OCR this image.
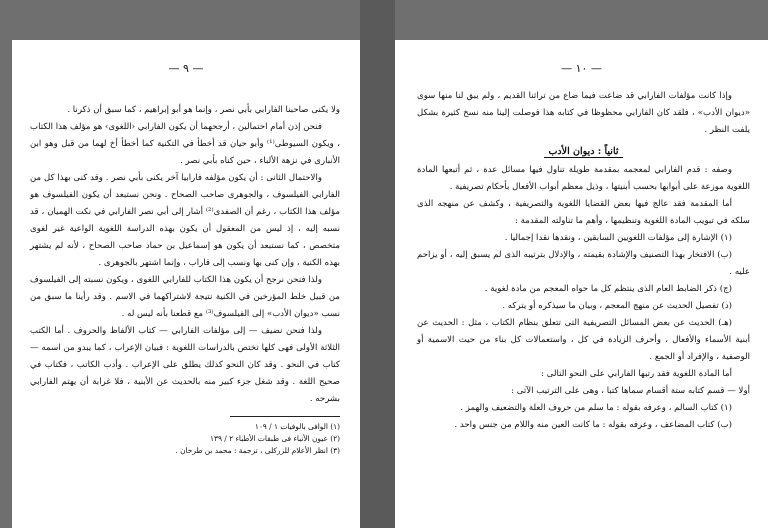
— ٩ —

ولا يكنى صاحبنا الفارابي بأبي نصر ، وإنما هو أبو إبراهيم ، كما سبق أن ذكرنا .

فنحن إذن أمام احتمالين ، أرجحهما أن يكون الفارابي ‹اللغوى› هو مؤلف هذا الكتاب ، ويكون السيوطى⁽¹⁾ وأبو حيان قد أخطأ في التكنية كما أخطأ أخ لهما من قبل وهو ابن الأنبارى في نزهة الألباء ، حين كناه بأبي نصر .

والاحتمال الثانى : أن يكون مؤلفه فارابيا آخر يكنى بأبي نصر . وقد كنى بهذا كل من الفارابي الفيلسوف ، والجوهرى صاحب الصحاح . ونحن نستبعد أن يكون الفيلسوف هو مؤلف هذا الكتاب ، رغم أن الصفدى⁽²⁾ أشار إلى أبي نصر الفارابي في نكت الهميان ، قد نسبه إليه ، إذ ليس من المعقول أن يكون بهذه الدراسة اللغوية الواعية غير لغوى متخصص ، كما نستبعد أن يكون هو إسماعيل بن حماد صاحب الصحاح ، لأنه لم يشتهر بهذه الكنية ، وإن كنى بها ونسب إلى فاراب ، وإنما اشتهر بالجوهرى .

ولذا فنحن نرجح أن يكون هذا الكتاب للفارابي اللغوى ، ويكون نسبته إلى الفيلسوف من قبيل خلط المؤرخين في الكنية نتيجة لاشتراكهما في الاسم . وقد رأينا ما سبق من نسب «ديوان الأدب» إلى الفيلسوف⁽³⁾ مع قطعنا بأنه ليس له .

ولذا فنحن نضيف — إلى مؤلفات الفارابي — كتاب الألفاظ والحروف . أما الكتب الثلاثة الأولى فهى كلها تختص بالدراسات اللغوية : فبيان الإعراب ، كما يبدو من اسمه — كتاب في النحو . وقد كان النحو كذلك يطلق على الإعراب . وأدب الكاتب ، فكتاب في صحيح اللغة . وقد شغل جزء كبير منه بالحديث عن الأبنية ، فلا غرابة أن يهتم الفارابي بشرحه .

(١) الوافى بالوفيات ١ / ١٠٩

(٢) عيون الأنباء فى طبقات الأطباء ٢ / ١٣٩

(٣) انظر الأعلام للزركلى ، ترجمة : محمد بن طرخان .

— ١٠ —

وإذا كانت مؤلفات الفارابي قد ضاعت فيما ضاع من تراثنا القديم ، ولم يبق لنا منها سوى «ديوان الأدب» ، فلقد كان الفارابي محظوظا في كتابه هذا فوصلت إلينا منه نسخ كثيرة بشكل يلفت النظر .

ثانياً : ديوان الأدب

وصفه : قدم الفارابي لمعجمه بمقدمة طويلة تناول فيها مسائل عدة ، ثم أتبعها المادة اللغوية موزعة على أبوابها بحسب أبنيتها ، وذيل معظم أبواب الأفعال بأحكام تصريفية .

أما المقدمة فقد عالج فيها بعض القضايا اللغوية والتصريفية ، وكشف عن منهجه الذى سلكه في تبويب المادة اللغوية وتنظيمها ، وأهم ما تناولته المقدمة :

(١) الإشارة إلى مؤلفات اللغويين السابقين ، ونقدها نقدا إجماليا .

(ب) الافتخار بهذا التصنيف والإشادة بقيمته ، والإدلال بترتيبه الذى لم يسبق إليه ، أو يزاحم عليه .

(ج) ذكر الضابط العام الذى ينتظم كل ما حواه المعجم من مادة لغوية .

(د) تفصيل الحديث عن منهج المعجم ، وبيان ما سيذكره أو يتركه .

(هـ) الحديث عن بعض المسائل التصريفية التى تتعلق بنظام الكتاب ، مثل : الحديث عن أبنية الأسماء والأفعال ، وأحرف الزيادة في كل ، واستعمالات كل بناء من حيث الاسمية أو الوصفية ، والإفراد أو الجمع .

أما المادة اللغوية فقد رتبها الفارابي على النحو التالى :

أولا — قسم كتابه ستة أقسام سماها كتبا ، وهى على الترتيب الآتى :

(١) كتاب السالم ، وعرفه بقوله : ما سلم من حروف العلة والتضعيف والهمز .

(ب) كتاب المضاعف ، وعرفه بقوله : ما كانت العين منه واللام من جنس واحد .
